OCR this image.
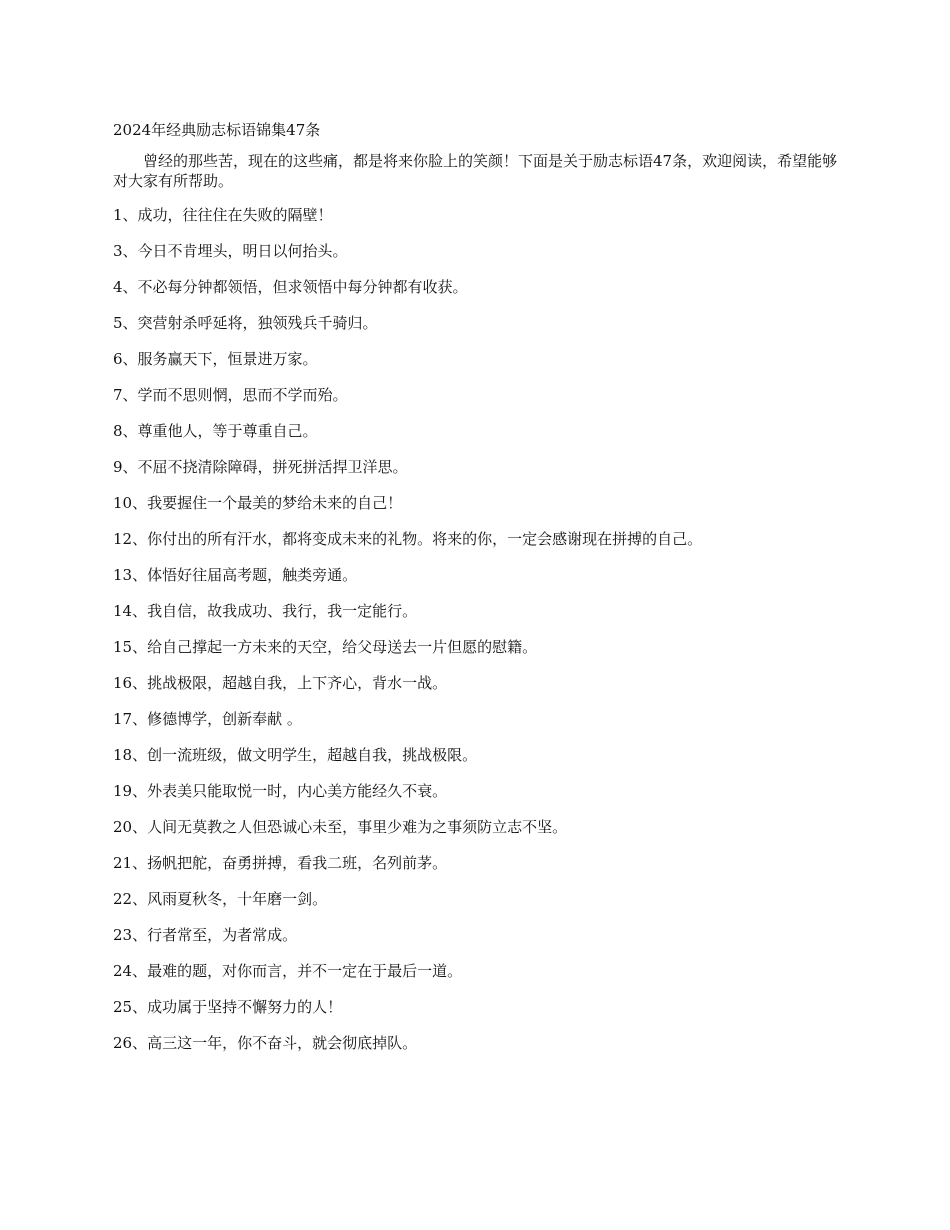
2024年经典励志标语锦集47条

曾经的那些苦，现在的这些痛，都是将来你脸上的笑颜！下面是关于励志标语47条，欢迎阅读，希望能够对大家有所帮助。

1、成功，往往住在失败的隔壁！

3、今日不肯埋头，明日以何抬头。

4、不必每分钟都领悟，但求领悟中每分钟都有收获。

5、突营射杀呼延将，独领残兵千骑归。

6、服务赢天下，恒景进万家。

7、学而不思则惘，思而不学而殆。

8、尊重他人，等于尊重自己。

9、不屈不挠清除障碍，拼死拼活捍卫洋思。

10、我要握住一个最美的梦给未来的自己！

12、你付出的所有汗水，都将变成未来的礼物。将来的你，一定会感谢现在拼搏的自己。

13、体悟好往届高考题，触类旁通。

14、我自信，故我成功、我行，我一定能行。

15、给自己撑起一方未来的天空，给父母送去一片但愿的慰籍。

16、挑战极限，超越自我，上下齐心，背水一战。

17、修德博学，创新奉献 。

18、创一流班级，做文明学生，超越自我，挑战极限。

19、外表美只能取悦一时，内心美方能经久不衰。

20、人间无莫教之人但恐诚心未至，事里少难为之事须防立志不坚。

21、扬帆把舵，奋勇拼搏，看我二班，名列前茅。

22、风雨夏秋冬，十年磨一剑。

23、行者常至，为者常成。

24、最难的题，对你而言，并不一定在于最后一道。

25、成功属于坚持不懈努力的人！

26、高三这一年，你不奋斗，就会彻底掉队。
